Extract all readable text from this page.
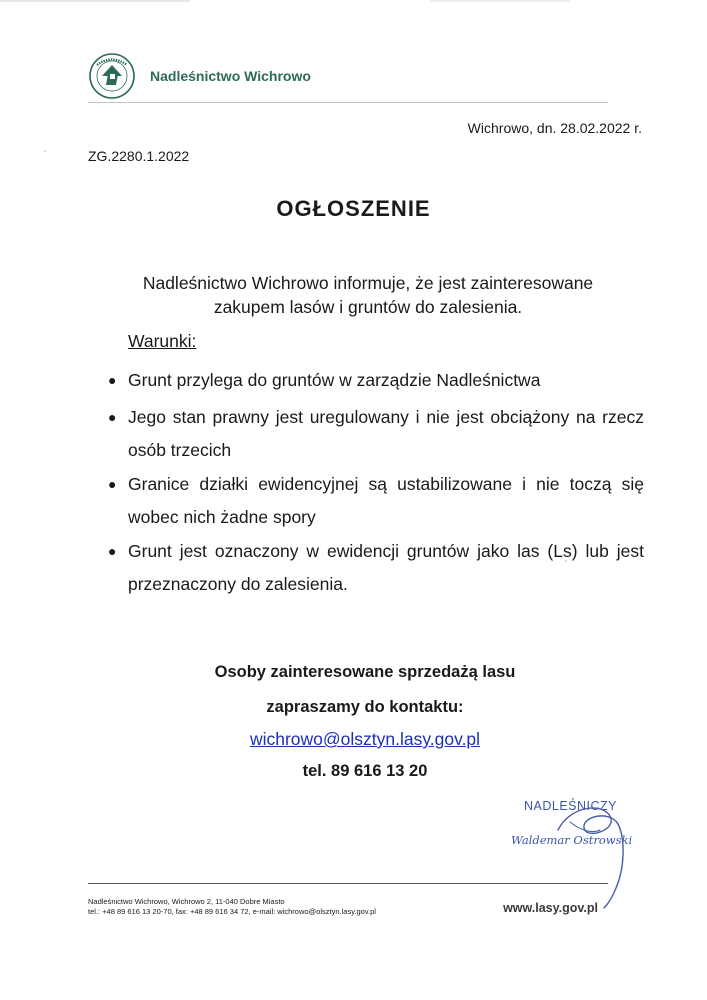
Nadleśnictwo Wichrowo
Wichrowo, dn. 28.02.2022 r.
ZG.2280.1.2022
OGŁOSZENIE
Nadleśnictwo Wichrowo informuje, że jest zainteresowane
zakupem lasów i gruntów do zalesienia.
Warunki:
● Grunt przylega do gruntów w zarządzie Nadleśnictwa
● Jego stan prawny jest uregulowany i nie jest obciążony na rzecz osób trzecich
● Granice działki ewidencyjnej są ustabilizowane i nie toczą się wobec nich żadne spory
● Grunt jest oznaczony w ewidencji gruntów jako las (Ls) lub jest przeznaczony do zalesienia.
Osoby zainteresowane sprzedażą lasu
zapraszamy do kontaktu:
wichrowo@olsztyn.lasy.gov.pl
tel. 89 616 13 20
NADLEŚNICZY
Waldemar Ostrowski
Nadleśnictwo Wichrowo, Wichrowo 2, 11-040 Dobre Miasto
tel.: +48 89 616 13 20-70, fax: +48 89 616 34 72, e-mail: wichrowo@olsztyn.lasy.gov.pl	www.lasy.gov.pl
